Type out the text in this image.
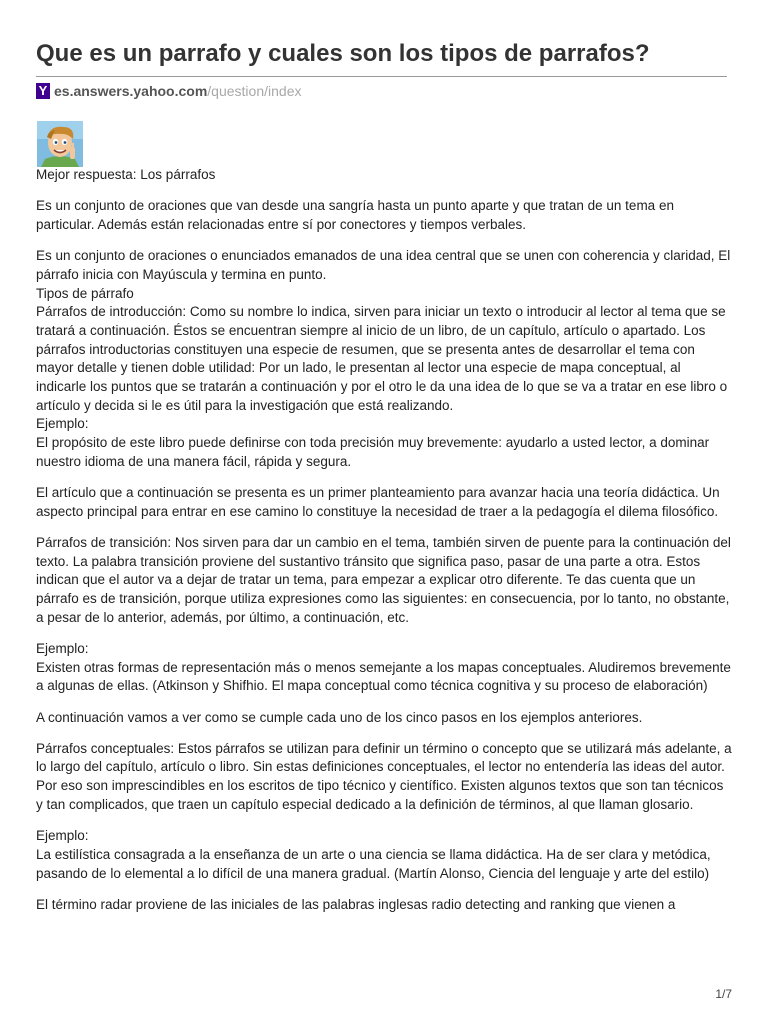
Que es un parrafo y cuales son los tipos de parrafos?
Y es.answers.yahoo.com /question/index

Mejor respuesta: Los párrafos

Es un conjunto de oraciones que van desde una sangría hasta un punto aparte y que tratan de un tema en particular. Además están relacionadas entre sí por conectores y tiempos verbales.

Es un conjunto de oraciones o enunciados emanados de una idea central que se unen con coherencia y claridad, El párrafo inicia con Mayúscula y termina en punto.
Tipos de párrafo
Párrafos de introducción: Como su nombre lo indica, sirven para iniciar un texto o introducir al lector al tema que se tratará a continuación. Éstos se encuentran siempre al inicio de un libro, de un capítulo, artículo o apartado. Los párrafos introductorias constituyen una especie de resumen, que se presenta antes de desarrollar el tema con mayor detalle y tienen doble utilidad: Por un lado, le presentan al lector una especie de mapa conceptual, al indicarle los puntos que se tratarán a continuación y por el otro le da una idea de lo que se va a tratar en ese libro o artículo y decida si le es útil para la investigación que está realizando.
Ejemplo:
El propósito de este libro puede definirse con toda precisión muy brevemente: ayudarlo a usted lector, a dominar nuestro idioma de una manera fácil, rápida y segura.

El artículo que a continuación se presenta es un primer planteamiento para avanzar hacia una teoría didáctica. Un aspecto principal para entrar en ese camino lo constituye la necesidad de traer a la pedagogía el dilema filosófico.

Párrafos de transición: Nos sirven para dar un cambio en el tema, también sirven de puente para la continuación del texto. La palabra transición proviene del sustantivo tránsito que significa paso, pasar de una parte a otra. Estos indican que el autor va a dejar de tratar un tema, para empezar a explicar otro diferente. Te das cuenta que un párrafo es de transición, porque utiliza expresiones como las siguientes: en consecuencia, por lo tanto, no obstante, a pesar de lo anterior, además, por último, a continuación, etc.

Ejemplo:
Existen otras formas de representación más o menos semejante a los mapas conceptuales. Aludiremos brevemente a algunas de ellas. (Atkinson y Shifhio. El mapa conceptual como técnica cognitiva y su proceso de elaboración)

A continuación vamos a ver como se cumple cada uno de los cinco pasos en los ejemplos anteriores.

Párrafos conceptuales: Estos párrafos se utilizan para definir un término o concepto que se utilizará más adelante, a lo largo del capítulo, artículo o libro. Sin estas definiciones conceptuales, el lector no entendería las ideas del autor. Por eso son imprescindibles en los escritos de tipo técnico y científico. Existen algunos textos que son tan técnicos y tan complicados, que traen un capítulo especial dedicado a la definición de términos, al que llaman glosario.

Ejemplo:
La estilística consagrada a la enseñanza de un arte o una ciencia se llama didáctica. Ha de ser clara y metódica, pasando de lo elemental a lo difícil de una manera gradual. (Martín Alonso, Ciencia del lenguaje y arte del estilo)

El término radar proviene de las iniciales de las palabras inglesas radio detecting and ranking que vienen a

1/7
